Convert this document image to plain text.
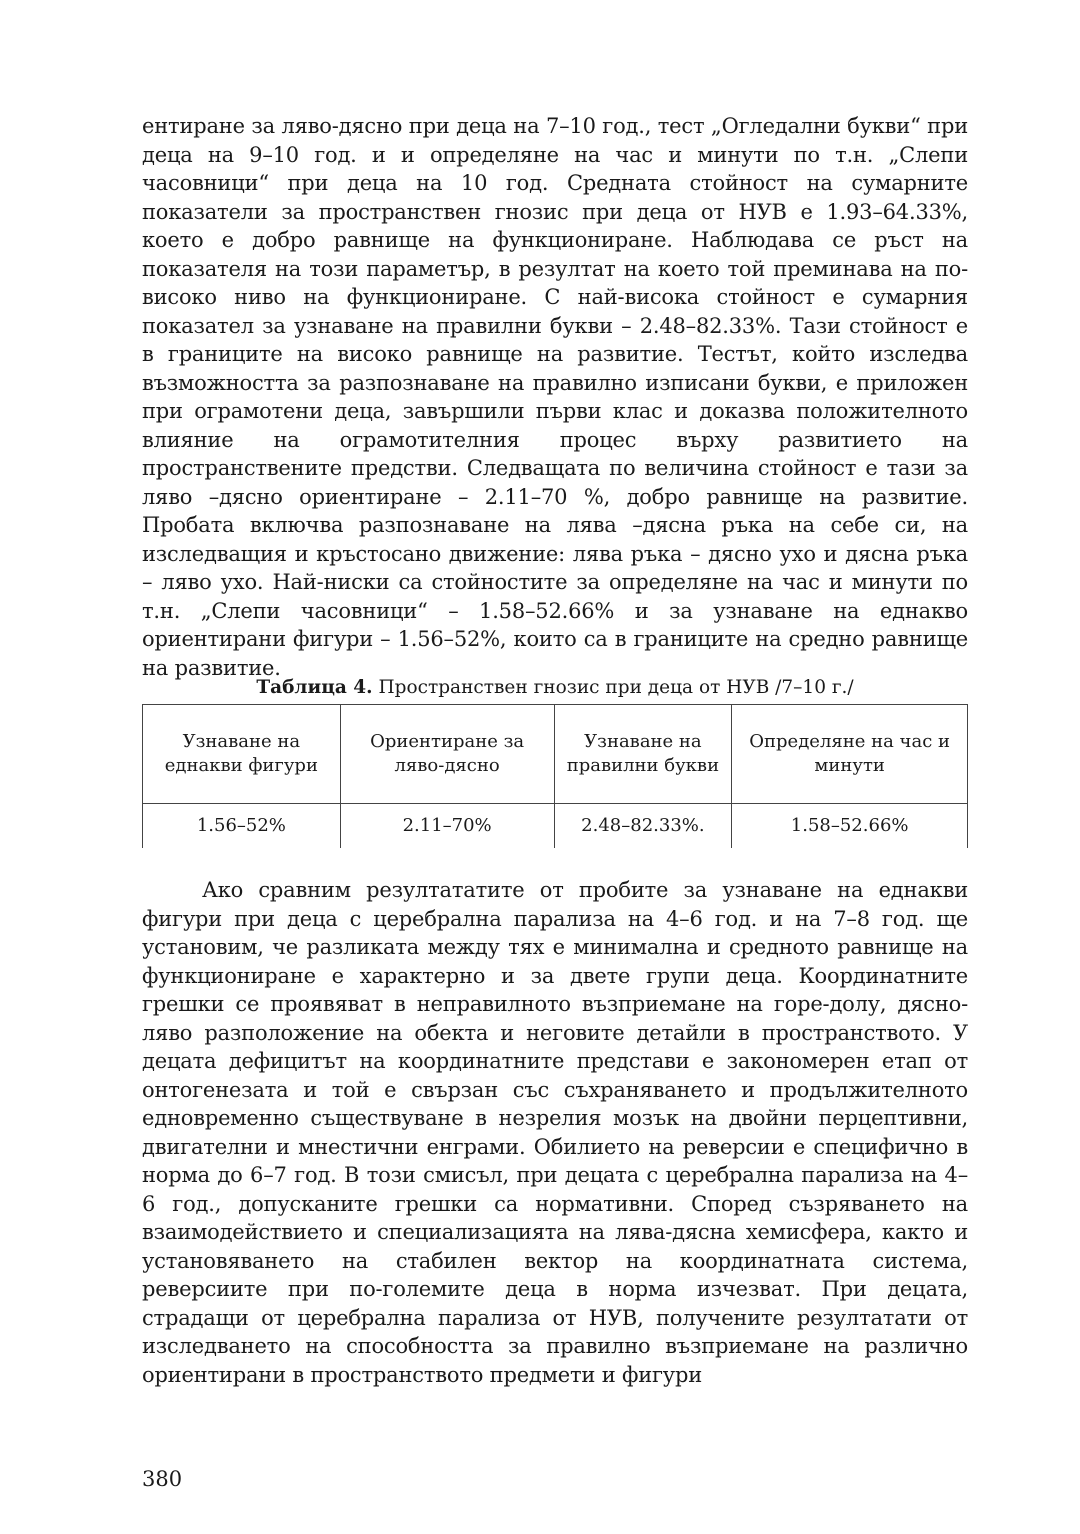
ентиране за ляво-дясно при деца на 7–10 год., тест „Огледални букви“ при деца на 9–10 год. и и определяне на час и минути по т.н. „Слепи часовници“ при деца на 10 год. Средната стойност на сумарните показатели за пространствен гнозис при деца от НУВ е 1.93–64.33%, което е добро равнище на функциониране. Наблюдава се ръст на показателя на този параметър, в резултат на което той преминава на по-високо ниво на функциониране. С най-висока стойност е сумарния показател за узнаване на правилни букви – 2.48–82.33%. Тази стойност е в границите на високо равнище на развитие. Тестът, който изследва възможността за разпознаване на правилно изписани букви, е приложен при ограмотени деца, завършили първи клас и доказва положителното влияние на ограмотителния процес върху развитието на пространствените предстви. Следващата по величина стойност е тази за ляво –дясно ориентиране – 2.11–70 %, добро равнище на развитие. Пробата включва разпознаване на лява –дясна ръка на себе си, на изследващия и кръстосано движение: лява ръка – дясно ухо и дясна ръка – ляво ухо. Най-ниски са стойностите за определяне на час и минути по т.н. „Слепи часовници“ – 1.58–52.66% и за узнаване на еднакво ориентирани фигури – 1.56–52%, които са в границите на средно равнище на развитие.

Таблица 4. Пространствен гнозис при деца от НУВ /7–10 г./
Узнаване на еднакви фигури	Ориентиране за ляво-дясно	Узнаване на правилни букви	Определяне на час и минути
1.56–52%	2.11–70%	2.48–82.33%.	1.58–52.66%

Ако сравним резултататите от пробите за узнаване на еднакви фигури при деца с церебрална парализа на 4–6 год. и на 7–8 год. ще установим, че разликата между тях е минимална и средното равнище на функциониране е характерно и за двете групи деца. Координатните грешки се проявяват в неправилното възприемане на горе-долу, дясно-ляво разположение на обекта и неговите детайли в пространството. У децата дефицитът на координатните представи е закономерен етап от онтогенезата и той е свързан със съхраняването и продължителното едновременно съществуване в незрелия мозък на двойни перцептивни, двигателни и мнестични енграми. Обилието на реверсии е специфично в норма до 6–7 год. В този смисъл, при децата с церебрална парализа на 4–6 год., допусканите грешки са нормативни. Според съзряването на взаимодействието и специализацията на лява-дясна хемисфера, както и установяването на стабилен вектор на координатната система, реверсиите при по-големите деца в норма изчезват. При децата, страдащи от церебрална парализа от НУВ, получените резултатати от изследването на способността за правилно възприемане на различно ориентирани в пространството предмети и фигури

380
